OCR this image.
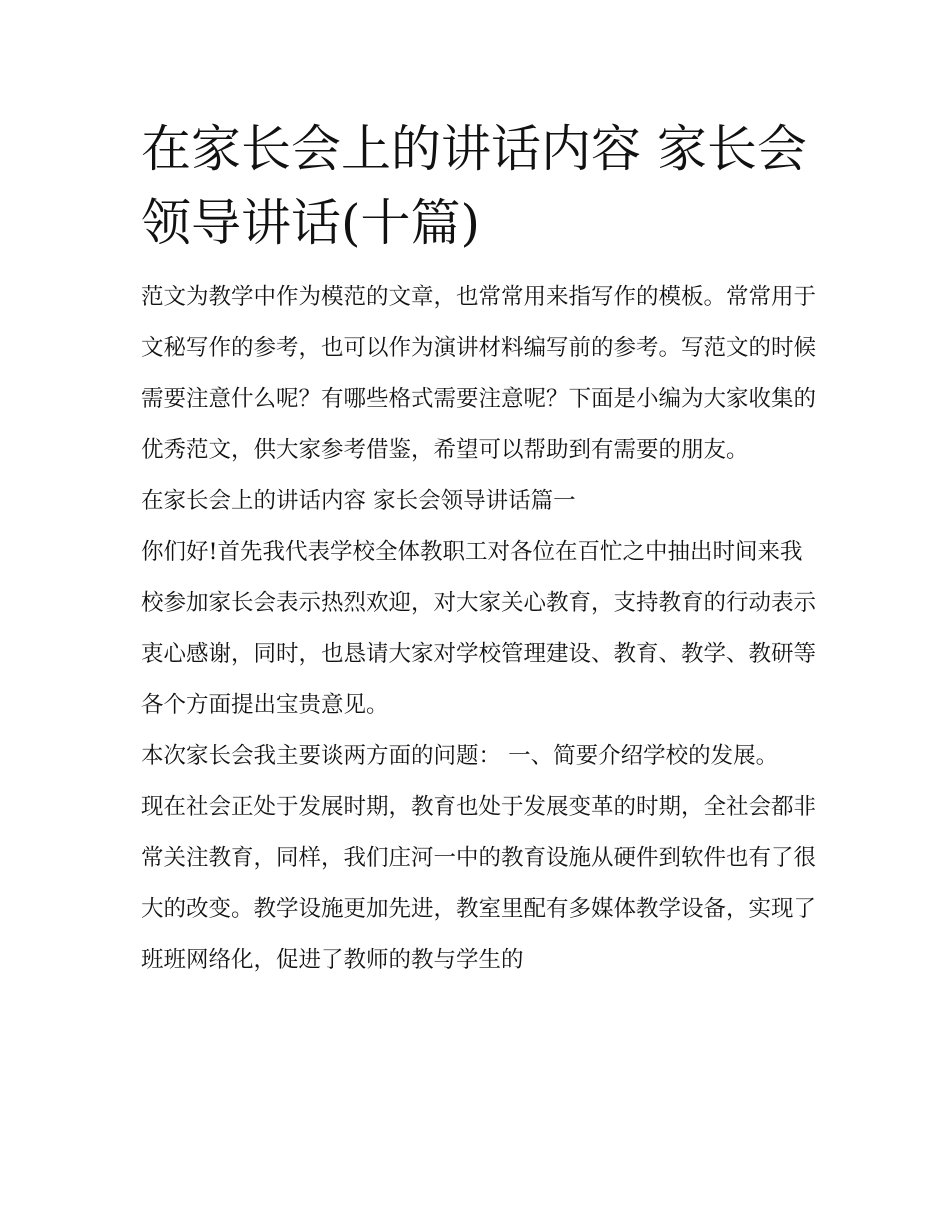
在家长会上的讲话内容 家长会领导讲话(十篇)

范文为教学中作为模范的文章，也常常用来指写作的模板。常常用于文秘写作的参考，也可以作为演讲材料编写前的参考。写范文的时候需要注意什么呢？有哪些格式需要注意呢？下面是小编为大家收集的优秀范文，供大家参考借鉴，希望可以帮助到有需要的朋友。

在家长会上的讲话内容 家长会领导讲话篇一

你们好!首先我代表学校全体教职工对各位在百忙之中抽出时间来我校参加家长会表示热烈欢迎，对大家关心教育，支持教育的行动表示衷心感谢，同时，也恳请大家对学校管理建设、教育、教学、教研等各个方面提出宝贵意见。

本次家长会我主要谈两方面的问题： 一、简要介绍学校的发展。

现在社会正处于发展时期，教育也处于发展变革的时期，全社会都非常关注教育，同样，我们庄河一中的教育设施从硬件到软件也有了很大的改变。教学设施更加先进，教室里配有多媒体教学设备，实现了班班网络化，促进了教师的教与学生的
